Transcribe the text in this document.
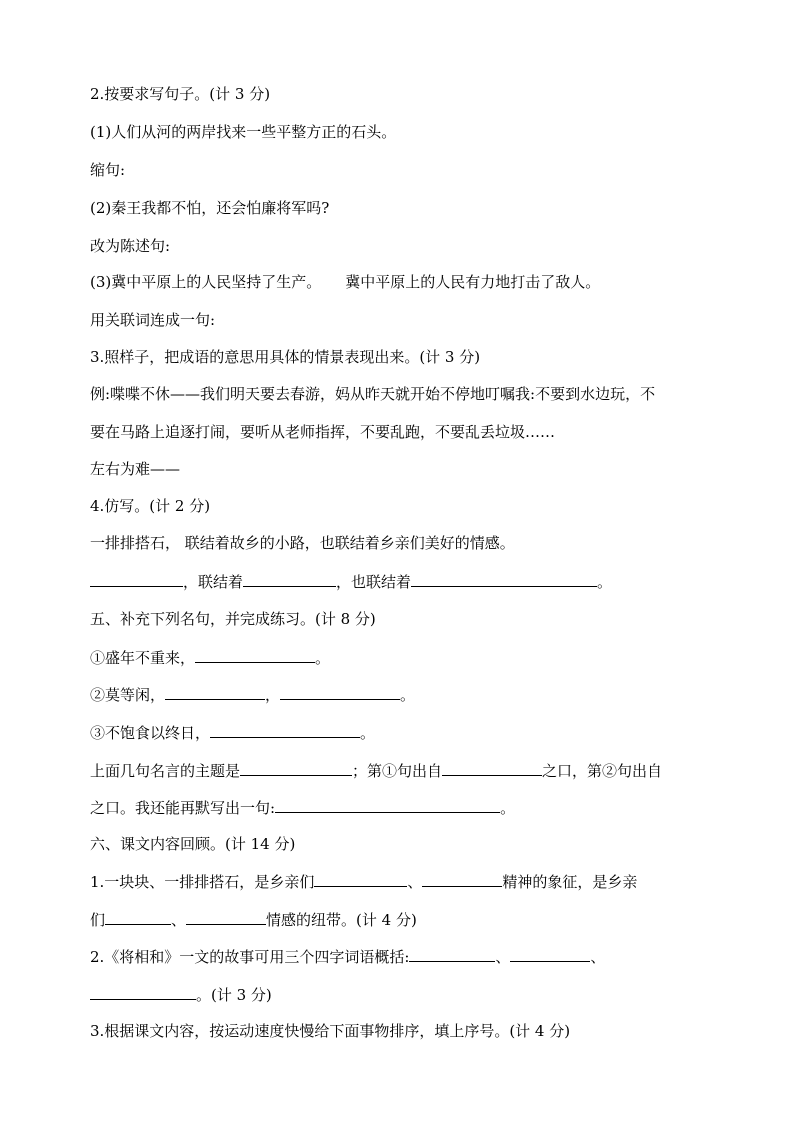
2.按要求写句子。(计 3 分)
(1)人们从河的两岸找来一些平整方正的石头。
缩句:
(2)秦王我都不怕，还会怕廉将军吗?
改为陈述句:
(3)冀中平原上的人民坚持了生产。 冀中平原上的人民有力地打击了敌人。
用关联词连成一句:
3.照样子，把成语的意思用具体的情景表现出来。(计 3 分)
例:喋喋不休——我们明天要去春游，妈从昨天就开始不停地叮嘱我:不要到水边玩，不
要在马路上追逐打闹，要听从老师指挥，不要乱跑，不要乱丢垃圾……
左右为难——
4.仿写。(计 2 分)
一排排搭石， 联结着故乡的小路，也联结着乡亲们美好的情感。
，联结着	，也联结着	。
五、补充下列名句，并完成练习。(计 8 分)
①盛年不重来，	。
②莫等闲，	，	。
③不饱食以终日，	。
上面几句名言的主题是	；第①句出自	之口，第②句出自
之口。我还能再默写出一句:	。
六、课文内容回顾。(计 14 分)
1.一块块、一排排搭石，是乡亲们	、	精神的象征，是乡亲
们	、	情感的纽带。(计 4 分)
2.《将相和》一文的故事可用三个四字词语概括:	、	、
。(计 3 分)
3.根据课文内容，按运动速度快慢给下面事物排序，填上序号。(计 4 分)
